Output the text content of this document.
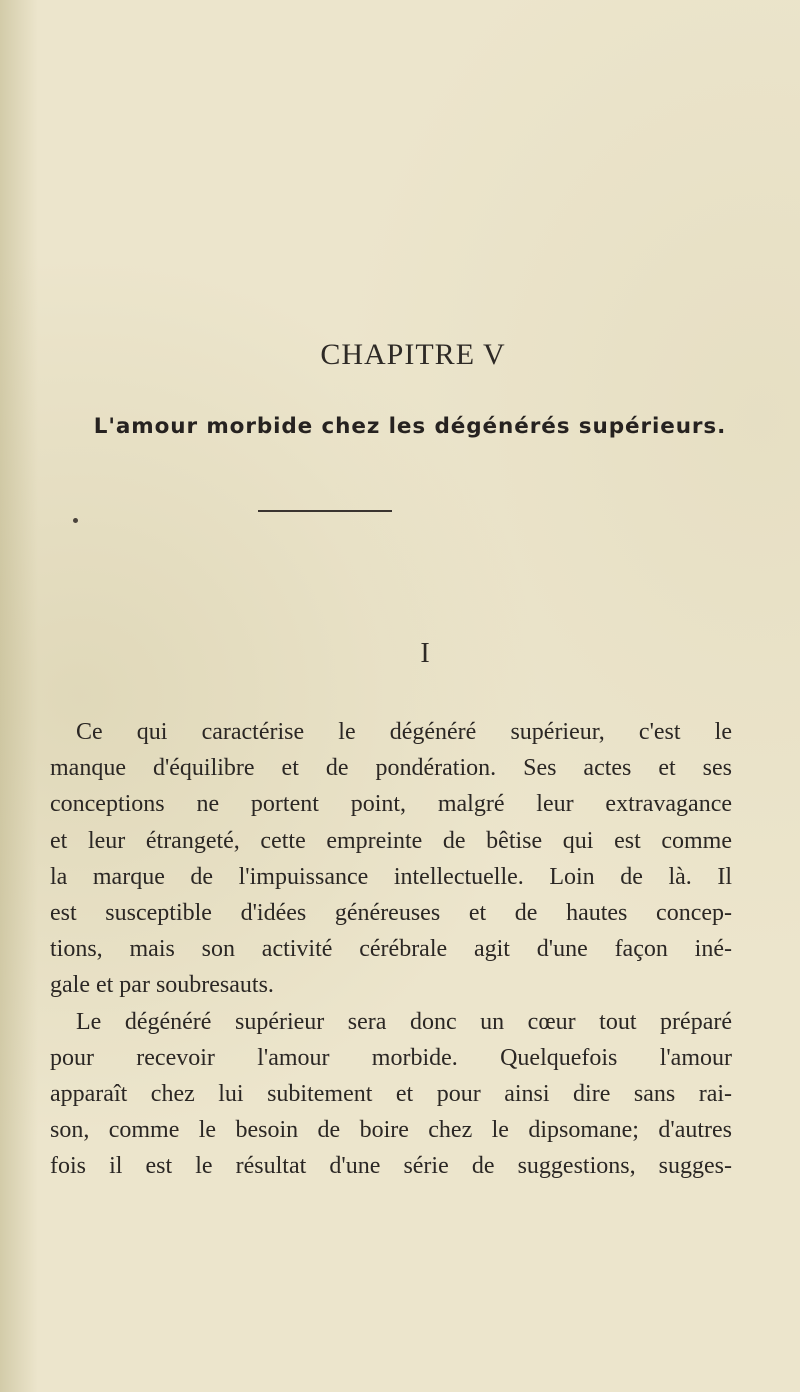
CHAPITRE V
L'amour morbide chez les dégénérés supérieurs.
I
Ce qui caractérise le dégénéré supérieur, c'est le
manque d'équilibre et de pondération. Ses actes et ses
conceptions ne portent point, malgré leur extravagance
et leur étrangeté, cette empreinte de bêtise qui est comme
la marque de l'impuissance intellectuelle. Loin de là. Il
est susceptible d'idées généreuses et de hautes concep-
tions, mais son activité cérébrale agit d'une façon iné-
gale et par soubresauts.
Le dégénéré supérieur sera donc un cœur tout préparé
pour recevoir l'amour morbide. Quelquefois l'amour
apparaît chez lui subitement et pour ainsi dire sans rai-
son, comme le besoin de boire chez le dipsomane; d'autres
fois il est le résultat d'une série de suggestions, sugges-
